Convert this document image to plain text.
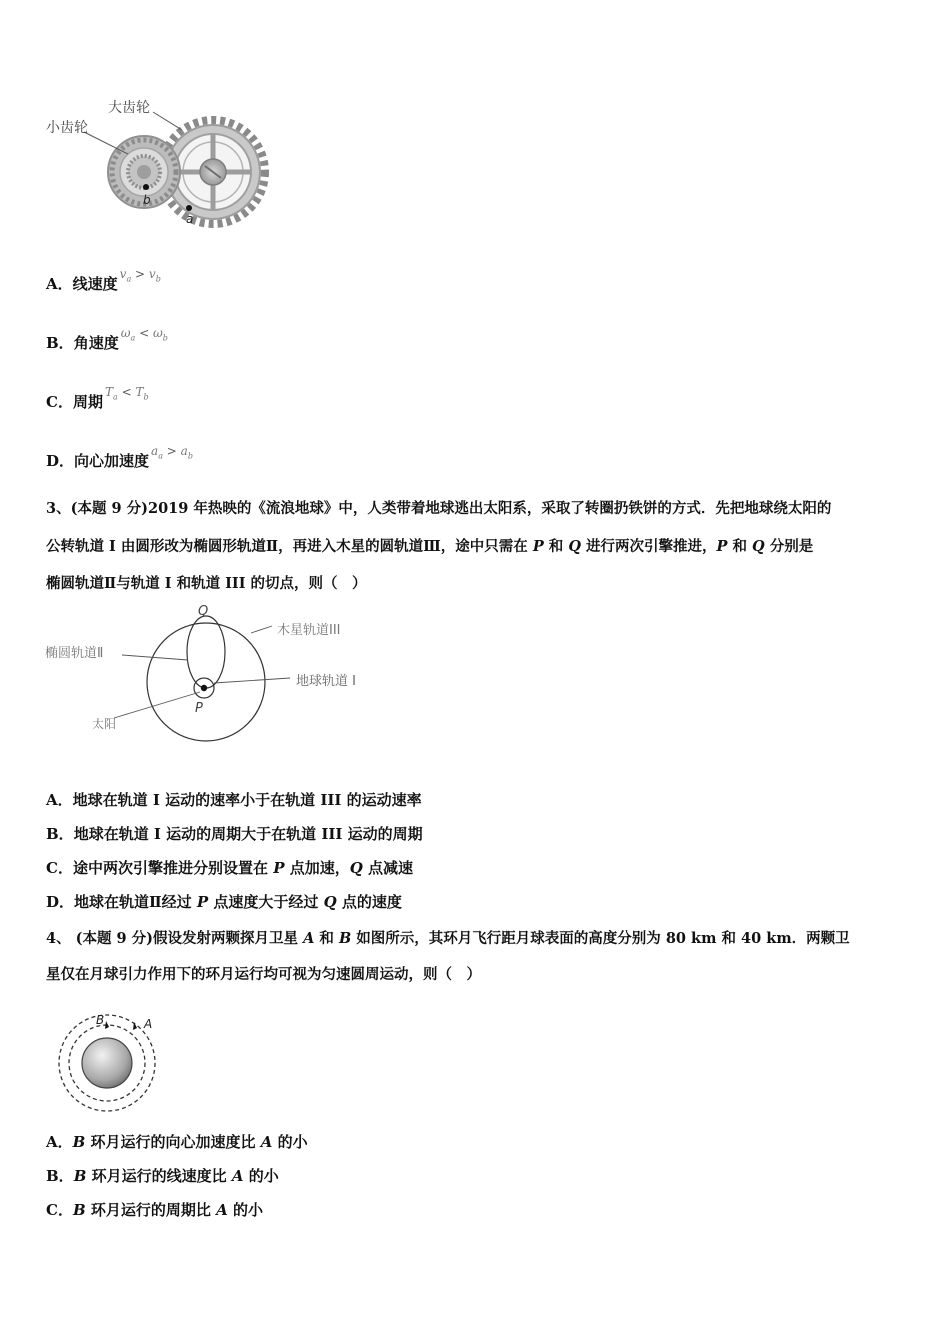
小齿轮
大齿轮
b
a
A．线速度$^{v_a > v_b}$
B．角速度$^{\omega_a < \omega_b}$
C．周期$^{T_a < T_b}$
D．向心加速度$^{a_a > a_b}$
3、(本题 9 分)2019 年热映的《流浪地球》中，人类带着地球逃出太阳系，采取了转圈扔铁饼的方式．先把地球绕太阳的
公转轨道 I 由圆形改为椭圆形轨道Ⅱ，再进入木星的圆轨道Ⅲ，途中只需在 P 和 Q 进行两次引擎推进，P 和 Q 分别是
椭圆轨道Ⅱ与轨道 I 和轨道 III 的切点，则（　）
Q
木星轨道III
椭圆轨道Ⅱ
地球轨道 I
P
太阳
A．地球在轨道 I 运动的速率小于在轨道 III 的运动速率
B．地球在轨道 I 运动的周期大于在轨道 III 运动的周期
C．途中两次引擎推进分别设置在 P 点加速，Q 点减速
D．地球在轨道Ⅱ经过 P 点速度大于经过 Q 点的速度
4、 (本题 9 分)假设发射两颗探月卫星 A 和 B 如图所示，其环月飞行距月球表面的高度分别为 80 km 和 40 km．两颗卫
星仅在月球引力作用下的环月运行均可视为匀速圆周运动，则（　）
B	A
A．B 环月运行的向心加速度比 A 的小
B．B 环月运行的线速度比 A 的小
C．B 环月运行的周期比 A 的小
